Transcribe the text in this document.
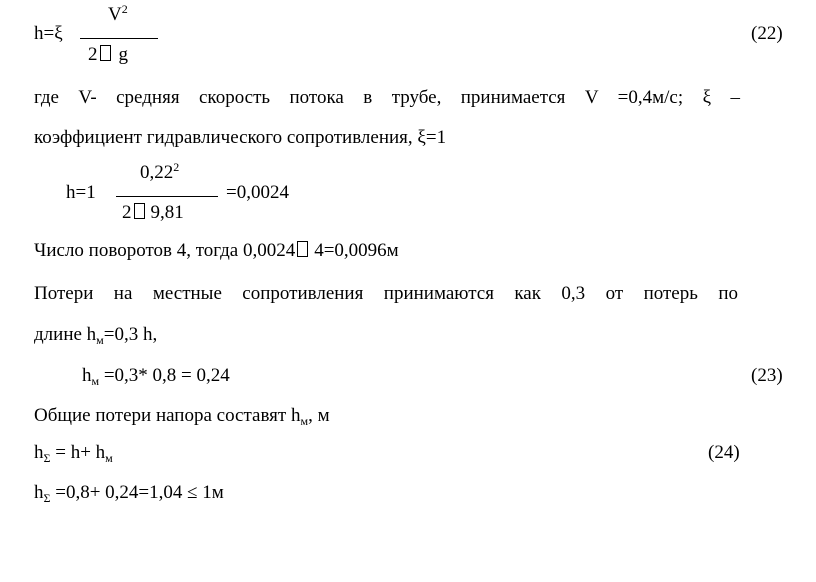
h=ξ
$V^2$
2 g
(22)
где V- средняя скорость потока в трубе, принимается V =0,4м/с; ξ –
коэффициент гидравлического сопротивления, ξ=1
h=1
0,22$^2$
2 9,81
=0,0024
Число поворотов 4, тогда 0,0024 4=0,0096м
Потери на местные сопротивления принимаются как 0,3 от потерь по
длине $h_м=0,3$ h,
$h_м =0,3*$ 0,8 = 0,24	(23)
Общие потери напора составят $h_м$, м
$h_\Sigma = h+ h_м$	(24)
$h_\Sigma =0,8+ 0,24=1,04 \le 1м$
